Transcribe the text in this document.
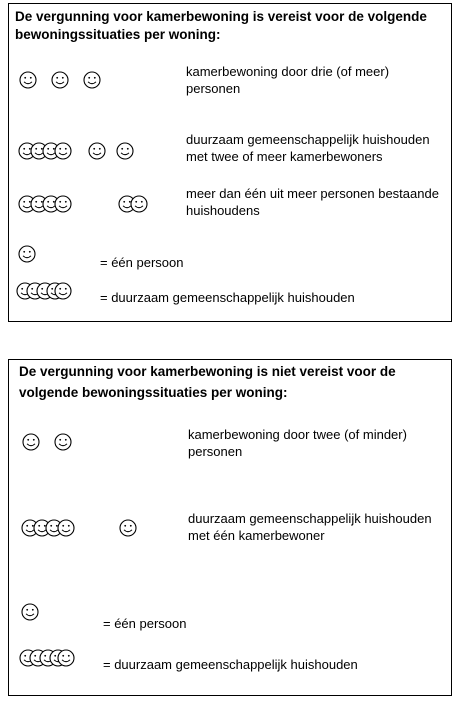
De vergunning voor kamerbewoning is vereist voor de volgende bewoningssituaties per woning:
kamerbewoning door drie (of meer) personen
duurzaam gemeenschappelijk huishouden met twee of meer kamerbewoners
meer dan één uit meer personen bestaande huishoudens
= één persoon
= duurzaam gemeenschappelijk huishouden
De vergunning voor kamerbewoning is niet vereist voor de volgende bewoningssituaties per woning:
kamerbewoning door twee (of minder) personen
duurzaam gemeenschappelijk huishouden met één kamerbewoner
= één persoon
= duurzaam gemeenschappelijk huishouden
